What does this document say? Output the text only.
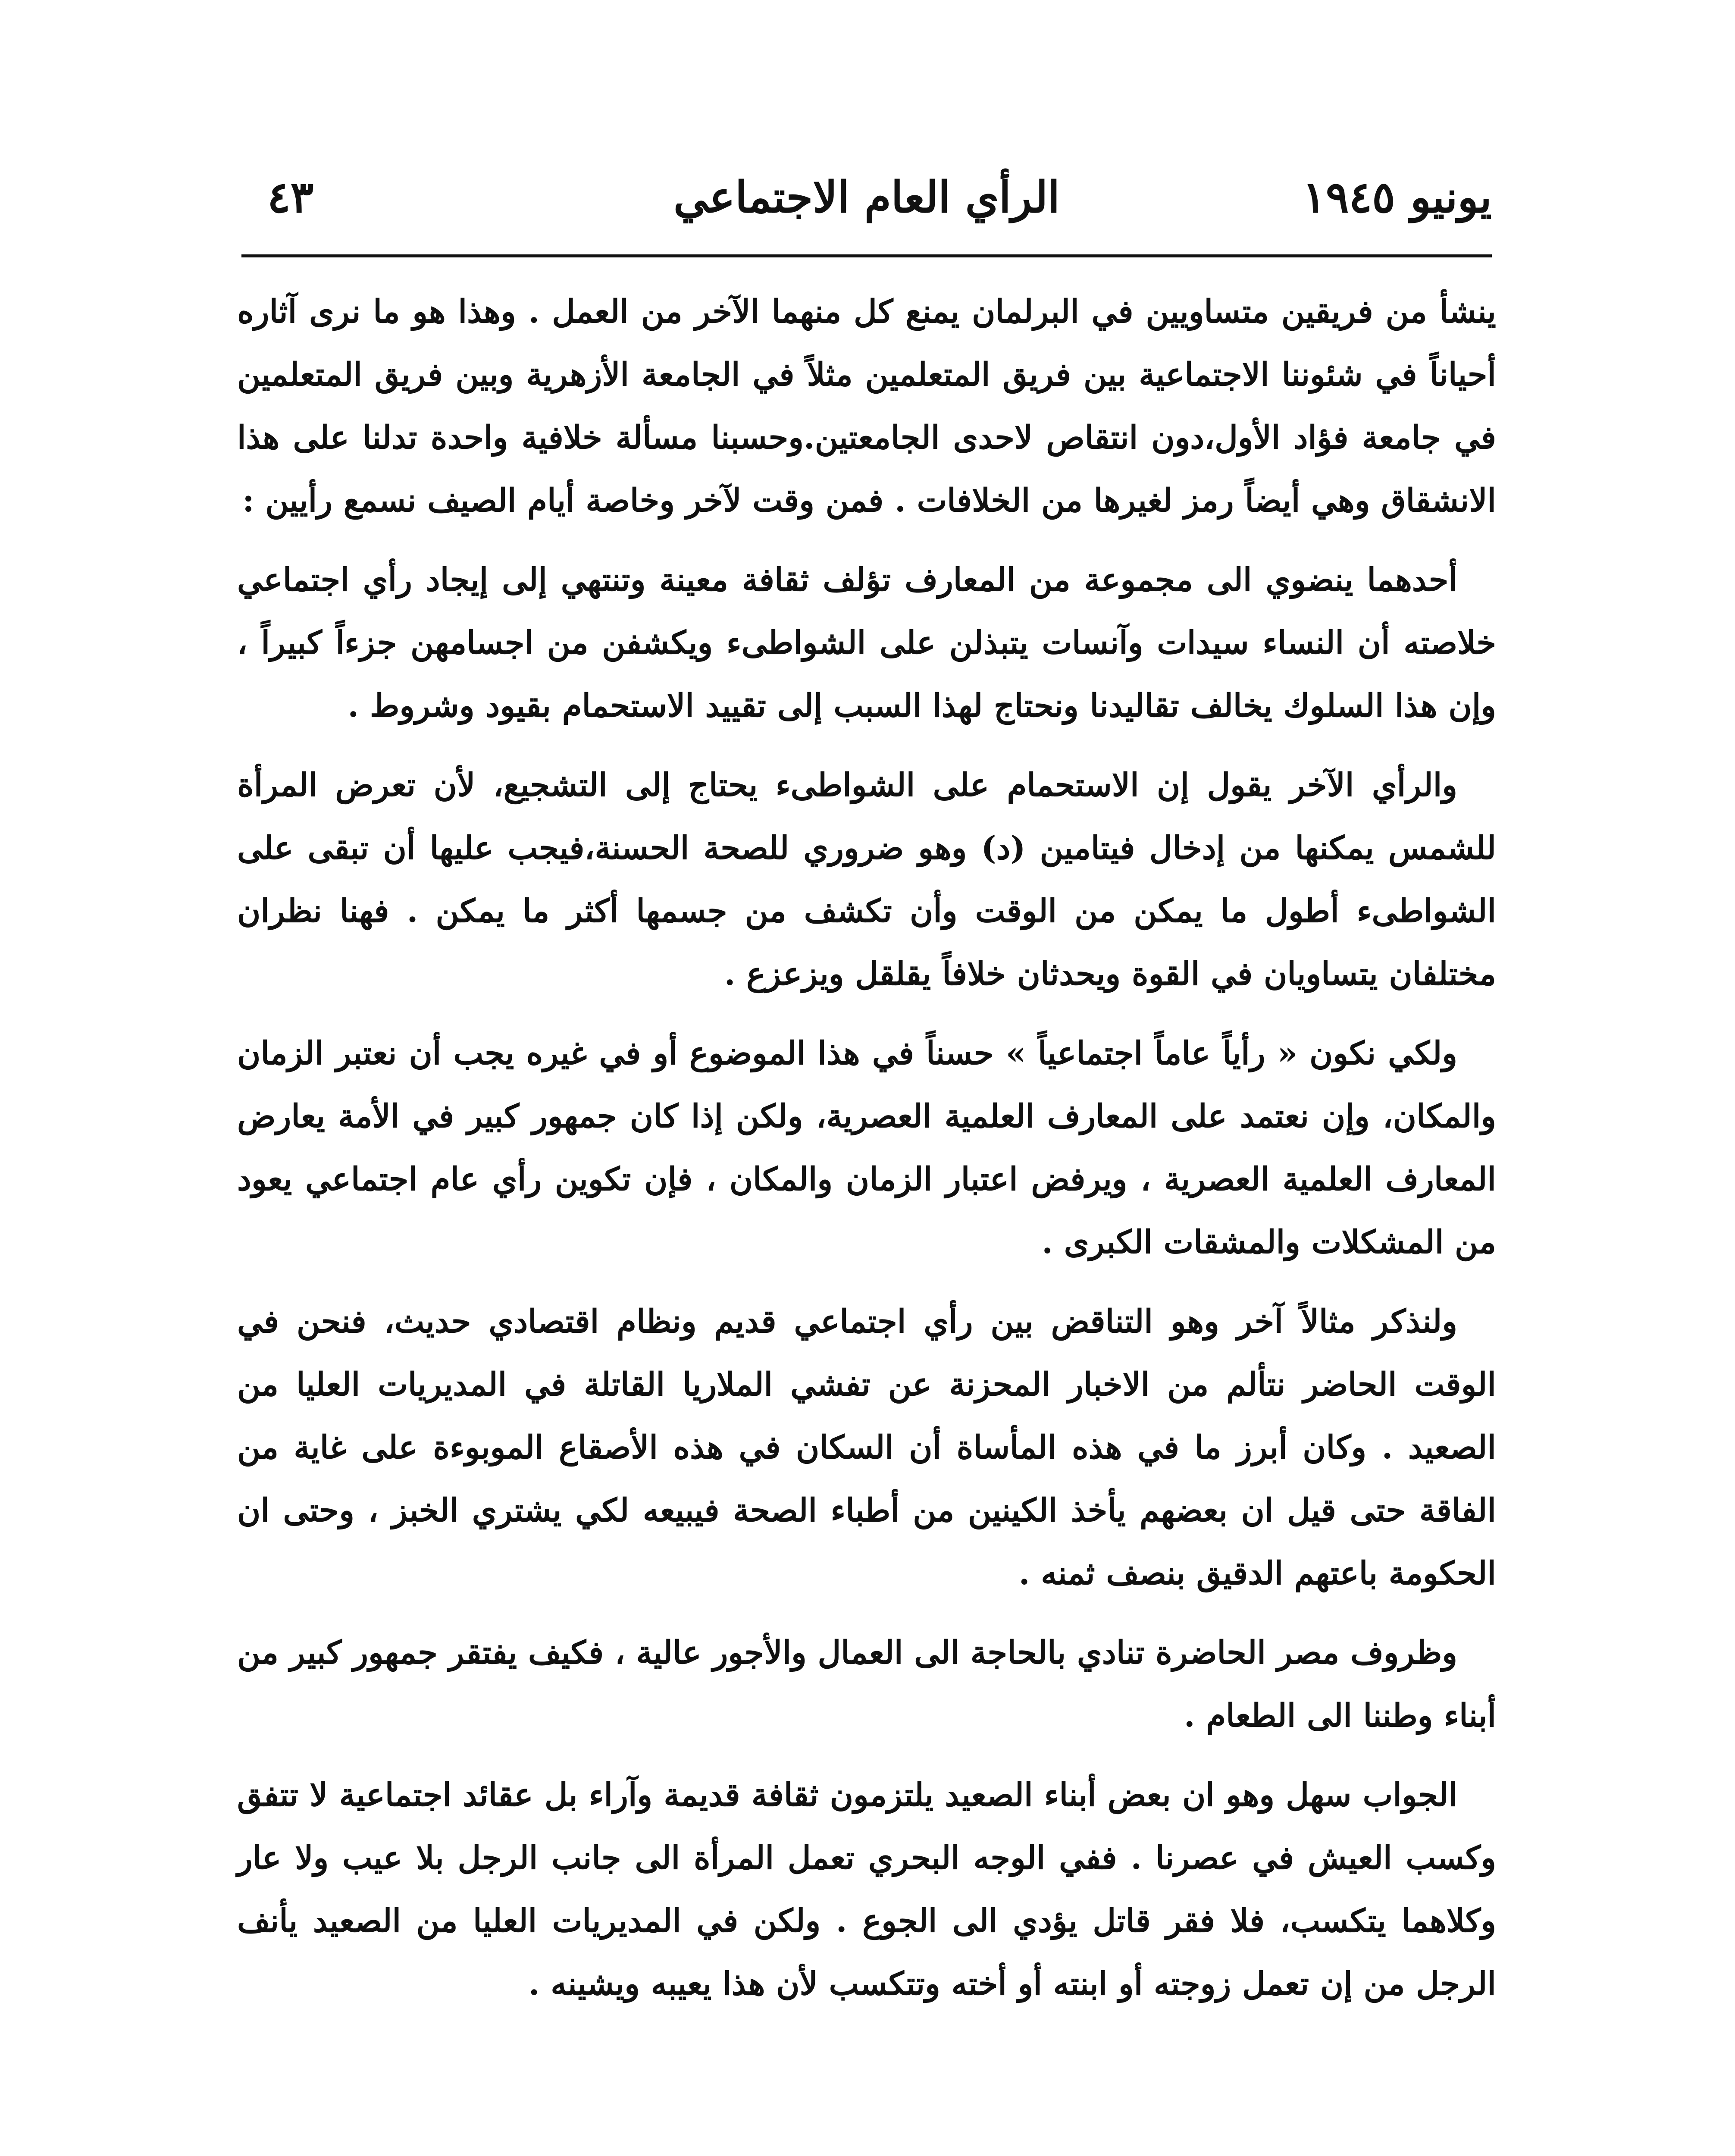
يونيو ١٩٤٥
الرأي العام الاجتماعي
٤٣

ينشأ من فريقين متساويين في البرلمان يمنع كل منهما الآخر من العمل . وهذا هو ما نرى آثاره أحياناً في شئوننا الاجتماعية بين فريق المتعلمين مثلاً في الجامعة الأزهرية وبين فريق المتعلمين في جامعة فؤاد الأول،دون انتقاص لاحدى الجامعتين.وحسبنا مسألة خلافية واحدة تدلنا على هذا الانشقاق وهي أيضاً رمز لغيرها من الخلافات . فمن وقت لآخر وخاصة أيام الصيف نسمع رأيين :

أحدهما ينضوي الى مجموعة من المعارف تؤلف ثقافة معينة وتنتهي إلى إيجاد رأي اجتماعي خلاصته أن النساء سيدات وآنسات يتبذلن على الشواطىء ويكشفن من اجسامهن جزءاً كبيراً ، وإن هذا السلوك يخالف تقاليدنا ونحتاج لهذا السبب إلى تقييد الاستحمام بقيود وشروط .

والرأي الآخر يقول إن الاستحمام على الشواطىء يحتاج إلى التشجيع، لأن تعرض المرأة للشمس يمكنها من إدخال فيتامين (د) وهو ضروري للصحة الحسنة،فيجب عليها أن تبقى على الشواطىء أطول ما يمكن من الوقت وأن تكشف من جسمها أكثر ما يمكن . فهنا نظران مختلفان يتساويان في القوة ويحدثان خلافاً يقلقل ويزعزع .

ولكي نكون « رأياً عاماً اجتماعياً » حسناً في هذا الموضوع أو في غيره يجب أن نعتبر الزمان والمكان، وإن نعتمد على المعارف العلمية العصرية، ولكن إذا كان جمهور كبير في الأمة يعارض المعارف العلمية العصرية ، ويرفض اعتبار الزمان والمكان ، فإن تكوين رأي عام اجتماعي يعود من المشكلات والمشقات الكبرى .

ولنذكر مثالاً آخر وهو التناقض بين رأي اجتماعي قديم ونظام اقتصادي حديث، فنحن في الوقت الحاضر نتألم من الاخبار المحزنة عن تفشي الملاريا القاتلة في المديريات العليا من الصعيد . وكان أبرز ما في هذه المأساة أن السكان في هذه الأصقاع الموبوءة على غاية من الفاقة حتى قيل ان بعضهم يأخذ الكينين من أطباء الصحة فيبيعه لكي يشتري الخبز ، وحتى ان الحكومة باعتهم الدقيق بنصف ثمنه .

وظروف مصر الحاضرة تنادي بالحاجة الى العمال والأجور عالية ، فكيف يفتقر جمهور كبير من أبناء وطننا الى الطعام .

الجواب سهل وهو ان بعض أبناء الصعيد يلتزمون ثقافة قديمة وآراء بل عقائد اجتماعية لا تتفق وكسب العيش في عصرنا . ففي الوجه البحري تعمل المرأة الى جانب الرجل بلا عيب ولا عار وكلاهما يتكسب، فلا فقر قاتل يؤدي الى الجوع . ولكن في المديريات العليا من الصعيد يأنف الرجل من إن تعمل زوجته أو ابنته أو أخته وتتكسب لأن هذا يعيبه ويشينه .
